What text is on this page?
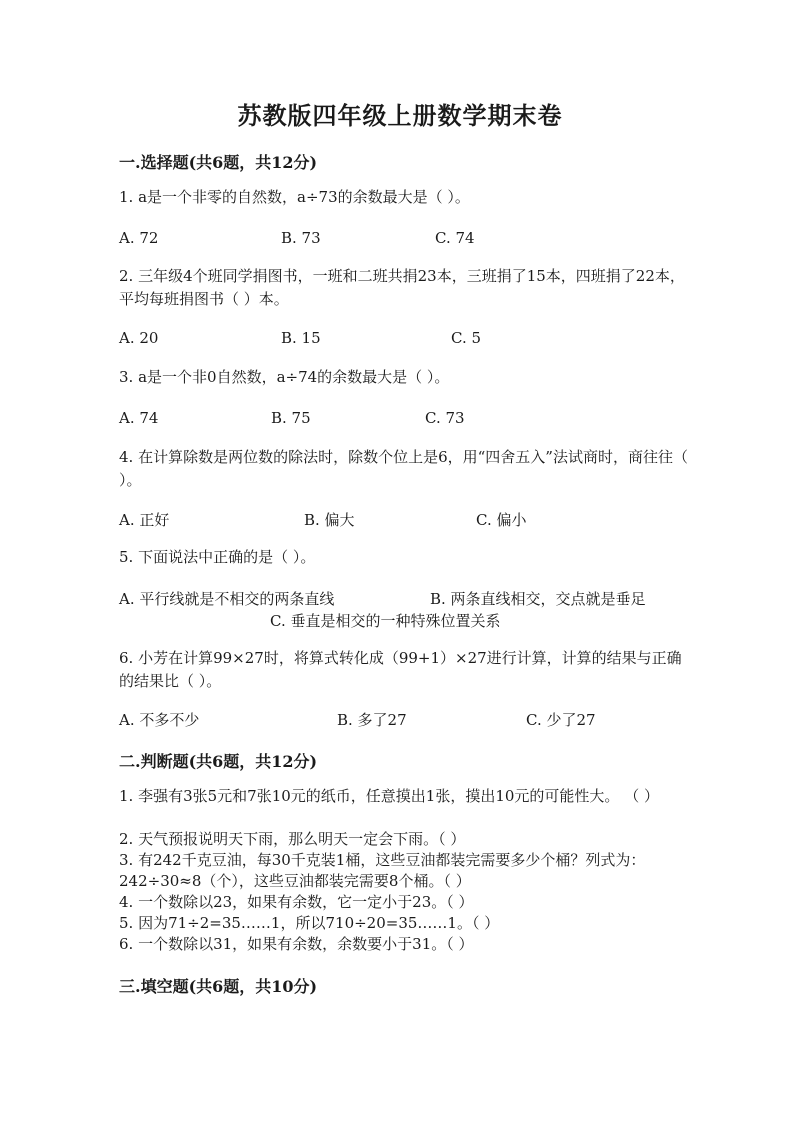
苏教版四年级上册数学期末卷
一.选择题(共6题，共12分)
1. a是一个非零的自然数，a÷73的余数最大是（ ）。
A. 72	B. 73	C. 74
2. 三年级4个班同学捐图书，一班和二班共捐23本，三班捐了15本，四班捐了22本，平均每班捐图书（ ）本。
A. 20	B. 15	C. 5
3. a是一个非0自然数，a÷74的余数最大是（ ）。
A. 74	B. 75	C. 73
4. 在计算除数是两位数的除法时，除数个位上是6，用“四舍五入”法试商时，商往往（ ）。
A. 正好	B. 偏大	C. 偏小
5. 下面说法中正确的是（ ）。
A. 平行线就是不相交的两条直线	B. 两条直线相交，交点就是垂足
C. 垂直是相交的一种特殊位置关系
6. 小芳在计算99×27时，将算式转化成（99+1）×27进行计算，计算的结果与正确的结果比（ ）。
A. 不多不少	B. 多了27	C. 少了27
二.判断题(共6题，共12分)
1. 李强有3张5元和7张10元的纸币，任意摸出1张，摸出10元的可能性大。 （ ）
2. 天气预报说明天下雨，那么明天一定会下雨。（ ）
3. 有242千克豆油，每30千克装1桶，这些豆油都装完需要多少个桶？列式为：242÷30≈8（个），这些豆油都装完需要8个桶。（ ）
4. 一个数除以23，如果有余数，它一定小于23。（ ）
5. 因为71÷2=35……1，所以710÷20=35……1。（ ）
6. 一个数除以31，如果有余数，余数要小于31。（ ）
三.填空题(共6题，共10分)
